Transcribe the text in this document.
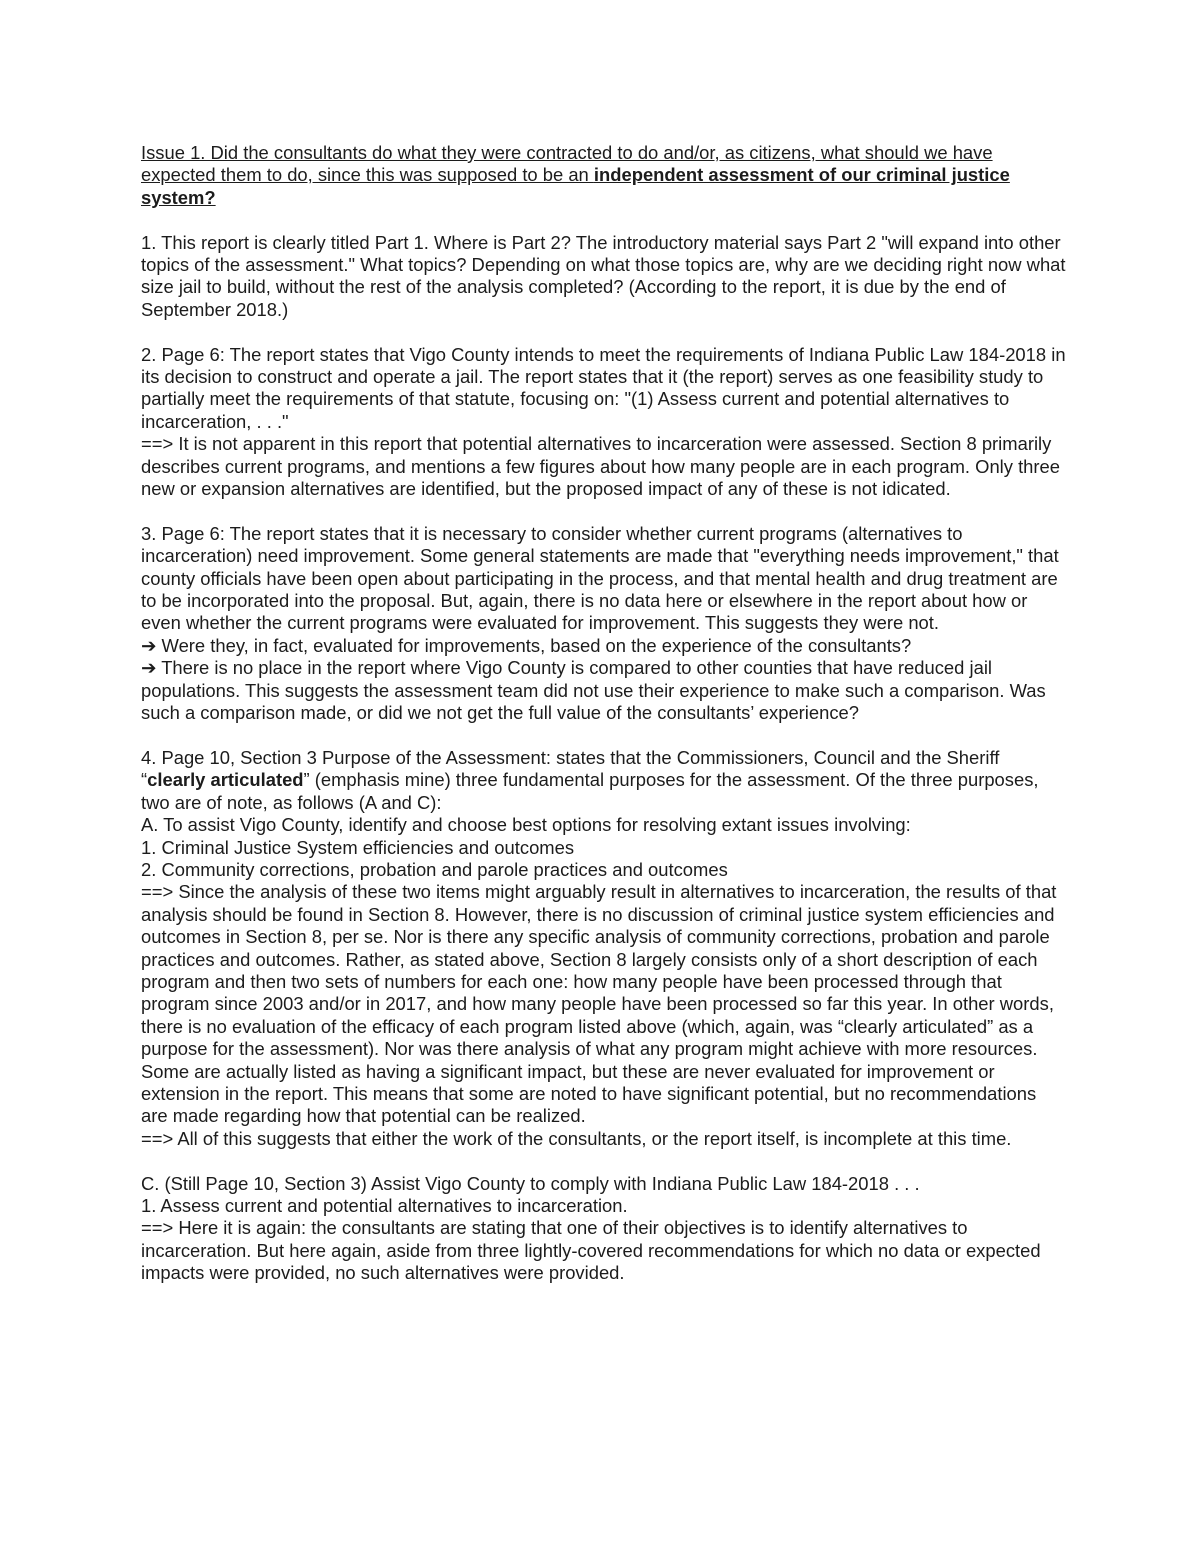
Issue 1. Did the consultants do what they were contracted to do and/or, as citizens, what should we have expected them to do, since this was supposed to be an independent assessment of our criminal justice system?
1. This report is clearly titled Part 1. Where is Part 2? The introductory material says Part 2 "will expand into other topics of the assessment." What topics? Depending on what those topics are, why are we deciding right now what size jail to build, without the rest of the analysis completed? (According to the report, it is due by the end of September 2018.)
2. Page 6: The report states that Vigo County intends to meet the requirements of Indiana Public Law 184-2018 in its decision to construct and operate a jail. The report states that it (the report) serves as one feasibility study to partially meet the requirements of that statute, focusing on: "(1) Assess current and potential alternatives to incarceration, . . ."
==> It is not apparent in this report that potential alternatives to incarceration were assessed. Section 8 primarily describes current programs, and mentions a few figures about how many people are in each program. Only three new or expansion alternatives are identified, but the proposed impact of any of these is not idicated.
3. Page 6: The report states that it is necessary to consider whether current programs (alternatives to incarceration) need improvement. Some general statements are made that "everything needs improvement," that county officials have been open about participating in the process, and that mental health and drug treatment are to be incorporated into the proposal. But, again, there is no data here or elsewhere in the report about how or even whether the current programs were evaluated for improvement. This suggests they were not.
➔ Were they, in fact, evaluated for improvements, based on the experience of the consultants?
➔ There is no place in the report where Vigo County is compared to other counties that have reduced jail populations. This suggests the assessment team did not use their experience to make such a comparison. Was such a comparison made, or did we not get the full value of the consultants’ experience?
4. Page 10, Section 3 Purpose of the Assessment: states that the Commissioners, Council and the Sheriff “clearly articulated” (emphasis mine) three fundamental purposes for the assessment. Of the three purposes, two are of note, as follows (A and C):
A. To assist Vigo County, identify and choose best options for resolving extant issues involving:
1. Criminal Justice System efficiencies and outcomes
2. Community corrections, probation and parole practices and outcomes
==> Since the analysis of these two items might arguably result in alternatives to incarceration, the results of that analysis should be found in Section 8. However, there is no discussion of criminal justice system efficiencies and outcomes in Section 8, per se. Nor is there any specific analysis of community corrections, probation and parole practices and outcomes. Rather, as stated above, Section 8 largely consists only of a short description of each program and then two sets of numbers for each one: how many people have been processed through that program since 2003 and/or in 2017, and how many people have been processed so far this year. In other words, there is no evaluation of the efficacy of each program listed above (which, again, was “clearly articulated” as a purpose for the assessment). Nor was there analysis of what any program might achieve with more resources. Some are actually listed as having a significant impact, but these are never evaluated for improvement or extension in the report. This means that some are noted to have significant potential, but no recommendations are made regarding how that potential can be realized.
==> All of this suggests that either the work of the consultants, or the report itself, is incomplete at this time.
C. (Still Page 10, Section 3) Assist Vigo County to comply with Indiana Public Law 184-2018 . . .
1. Assess current and potential alternatives to incarceration.
==> Here it is again: the consultants are stating that one of their objectives is to identify alternatives to incarceration. But here again, aside from three lightly-covered recommendations for which no data or expected impacts were provided, no such alternatives were provided.
